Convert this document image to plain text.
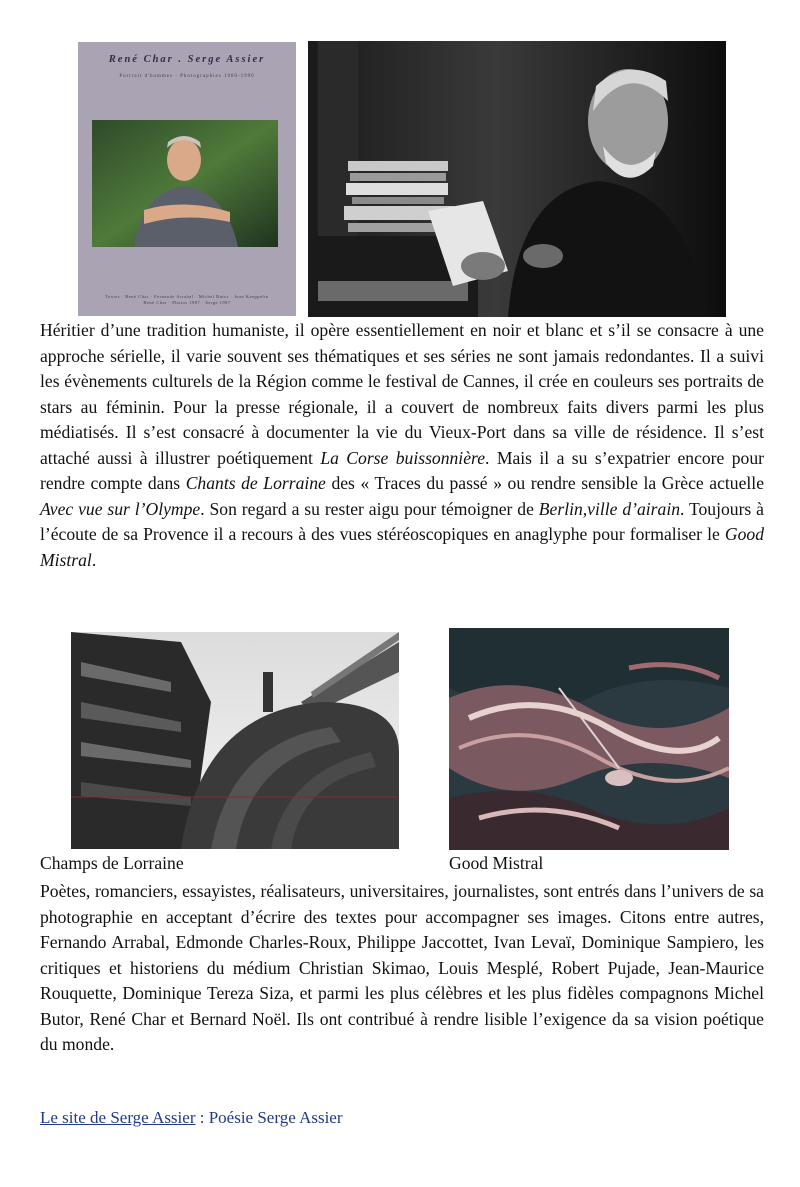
René Char . Serge Assier
Portrait d'hommes · Photographies 1980-1990
Textes · René Char · Fernande Arrabal · Michel Butor · Jean Kaeppelin
René Char · Photos 1987 · Serge 1987
Héritier d’une tradition humaniste, il opère essentiellement en noir et blanc et s’il se consacre à une approche sérielle, il varie souvent ses thématiques et ses séries ne sont jamais redondantes. Il a suivi les évènements culturels de la Région comme le festival de Cannes, il crée en couleurs ses portraits de stars au féminin. Pour la presse régionale, il a couvert de nombreux faits divers parmi les plus médiatisés. Il s’est consacré à documenter la vie du Vieux-Port dans sa ville de résidence. Il s’est attaché aussi à illustrer poétiquement La Corse buissonnière. Mais il a su s’expatrier encore pour rendre compte dans Chants de Lorraine des « Traces du passé » ou rendre sensible la Grèce actuelle Avec vue sur l’Olympe. Son regard a su rester aigu pour témoigner de Berlin,ville d’airain. Toujours à l’écoute de sa Provence il a recours à des vues stéréoscopiques en anaglyphe pour formaliser le Good Mistral.
Champs de Lorraine	Good Mistral
Poètes, romanciers, essayistes, réalisateurs, universitaires, journalistes, sont entrés dans l’univers de sa photographie en acceptant d’écrire des textes pour accompagner ses images. Citons entre autres, Fernando Arrabal, Edmonde Charles-Roux, Philippe Jaccottet, Ivan Levaï, Dominique Sampiero, les critiques et historiens du médium Christian Skimao, Louis Mesplé, Robert Pujade, Jean-Maurice Rouquette, Dominique Tereza Siza, et parmi les plus célèbres et les plus fidèles compagnons Michel Butor, René Char et Bernard Noël. Ils ont contribué à rendre lisible l’exigence da sa vision poétique du monde.
Le site de Serge Assier : Poésie Serge Assier
